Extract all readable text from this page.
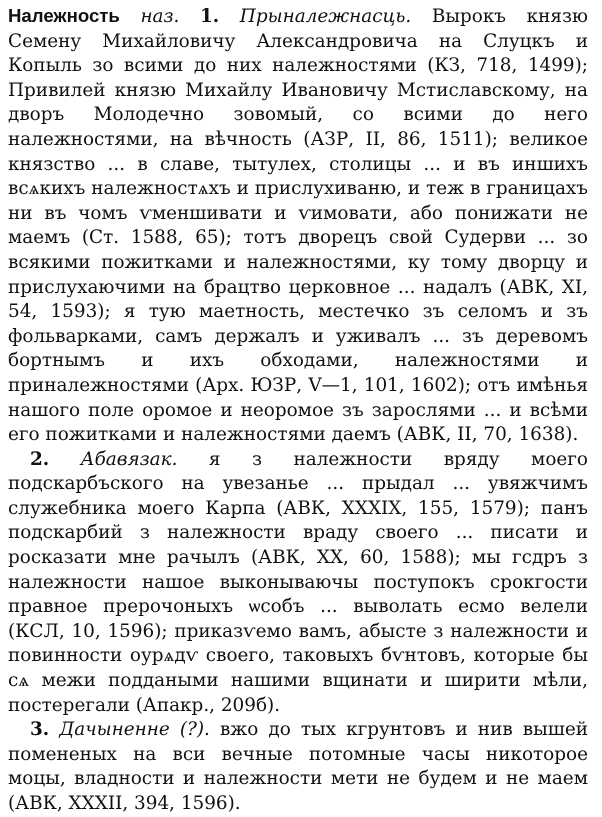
Належность наз. 1. Прыналежнасць. Вырокъ князю Семену Михайловичу Александровича на Слуцкъ и Копыль зо всими до них належностями (КЗ, 718, 1499); Привилей князю Михайлу Ивановичу Мстиславскому, на дворъ Молодечно зовомый, со всими до него належностями, на вѣчность (АЗР, II, 86, 1511); великое князство ... в славе, тытулех, столицы ... и въ иншихъ всѧкихъ належностѧхъ и прислухиваню, и теж в границахъ ни въ чомъ ѵменшивати и ѵимовати, або понижати не маемъ (Ст. 1588, 65); тотъ дворецъ свой Судерви ... зо всякими пожитками и належностями, ку тому дворцу и прислухаючими на брацтво церковное ... надалъ (АВК, XI, 54, 1593); я тую маетность, местечко зъ селомъ и зъ фольварками, самъ держалъ и уживалъ ... зъ деревомъ бортнымъ и ихъ обходами, належностями и приналежностями (Арх. ЮЗР, V—1, 101, 1602); отъ имѣнья нашого поле оромое и неоромое зъ зарослями ... и всѣми его пожитками и належностями даемъ (АВК, II, 70, 1638).

2. Абавязак. я з належности вряду моего подскарбъского на увезанье ... прыдал ... увяжчимъ служебника моего Карпа (АВК, XXXIX, 155, 1579); панъ подскарбий з належности враду своего ... писати и росказати мне рачылъ (АВК, XX, 60, 1588); мы гсдръ з належности нашое выконываючы поступокъ срокгости правное прерочоныхъ ѡсобъ ... выволать есмо велели (КСЛ, 10, 1596); приказѵемо вамъ, абысте з належности и повинности оурѧдѵ своего, таковыхъ бѵнтовъ, которые бы сѧ межи поддаными нашими вщинати и ширити мѣли, постерегали (Апакр., 209б).

3. Дачыненне (?). вжо до тых кгрунтовъ и нив вышей помененых на вси вечные потомные часы никоторое моцы, владности и належности мети не будем и не маем (АВК, XXXII, 394, 1596).
